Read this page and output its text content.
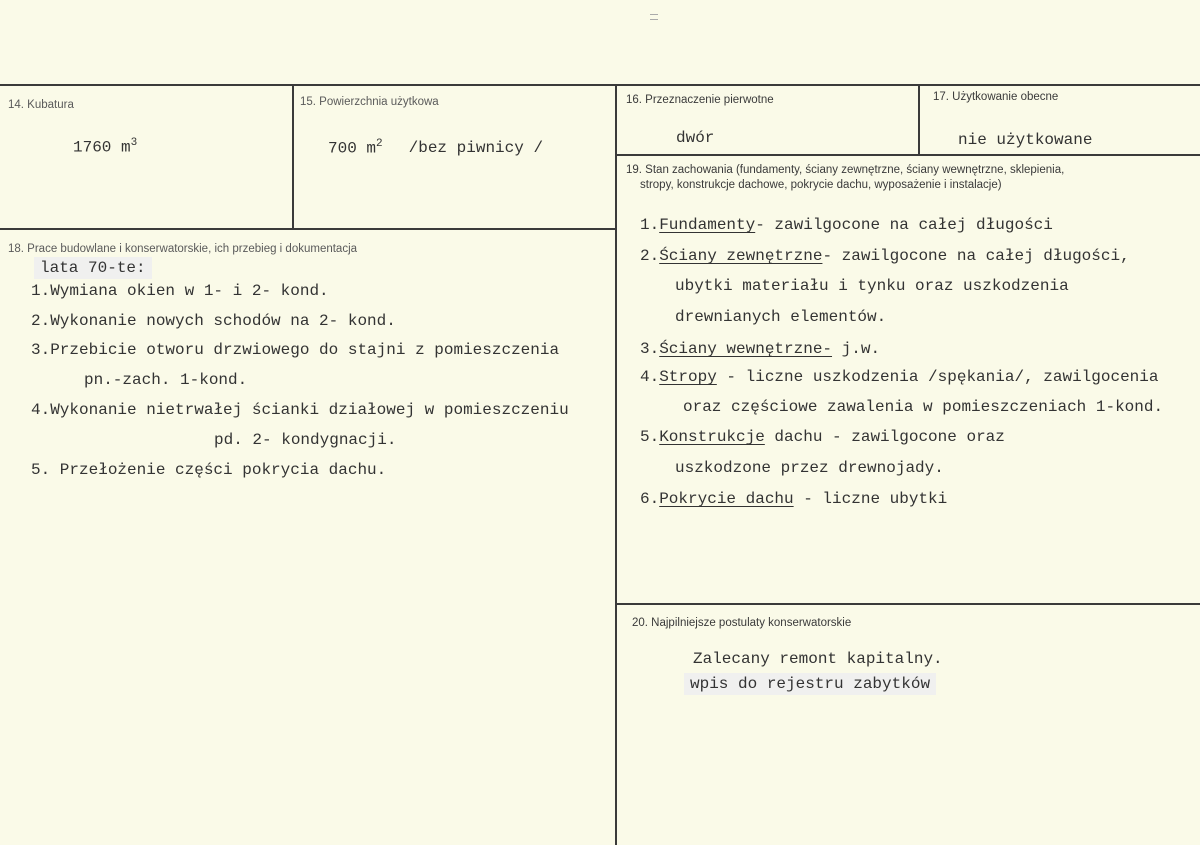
14. Kubatura
1760 $m^3$
15. Powierzchnia użytkowa
700 $m^2$ /bez piwnicy /
16. Przeznaczenie pierwotne
dwór
17. Użytkowanie obecne
nie użytkowane
19. Stan zachowania (fundamenty, ściany zewnętrzne, ściany wewnętrzne, sklepienia,
stropy, konstrukcje dachowe, pokrycie dachu, wyposażenie i instalacje)
1.Fundamenty- zawilgocone na całej długości
2.Ściany zewnętrzne- zawilgocone na całej długości,
ubytki materiału i tynku oraz uszkodzenia
drewnianych elementów.
3.Ściany wewnętrzne- j.w.
4.Stropy - liczne uszkodzenia /spękania/, zawilgocenia
oraz częściowe zawalenia w pomieszczeniach 1-kond.
5.Konstrukcje dachu - zawilgocone oraz
uszkodzone przez drewnojady.
6.Pokrycie dachu - liczne ubytki
18. Prace budowlane i konserwatorskie, ich przebieg i dokumentacja
lata 70-te:
1.Wymiana okien w 1- i 2- kond.
2.Wykonanie nowych schodów na 2- kond.
3.Przebicie otworu drzwiowego do stajni z pomieszczenia
pn.-zach. 1-kond.
4.Wykonanie nietrwałej ścianki działowej w pomieszczeniu
pd. 2- kondygnacji.
5. Przełożenie części pokrycia dachu.
20. Najpilniejsze postulaty konserwatorskie
Zalecany remont kapitalny.
wpis do rejestru zabytków
